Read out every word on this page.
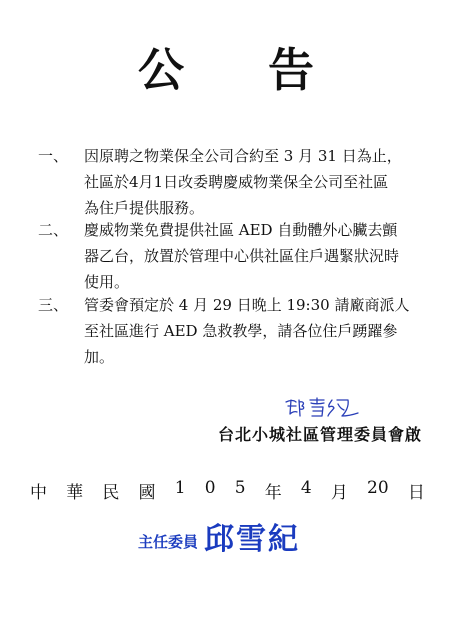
公 告
一、	因原聘之物業保全公司合約至 3 月 31 日為止，
社區於4月1日改委聘慶威物業保全公司至社區
為住戶提供服務。
二、	慶威物業免費提供社區 AED 自動體外心臟去顫
器乙台，放置於管理中心供社區住戶遇緊狀況時
使用。
三、	管委會預定於 4 月 29 日晚上 19:30 請廠商派人
至社區進行 AED 急救教學，請各位住戶踴躍參
加。
台北小城社區管理委員會啟
中 華 民 國 1 0 5 年 4 月 20 日
主任委員 邱雪紀
